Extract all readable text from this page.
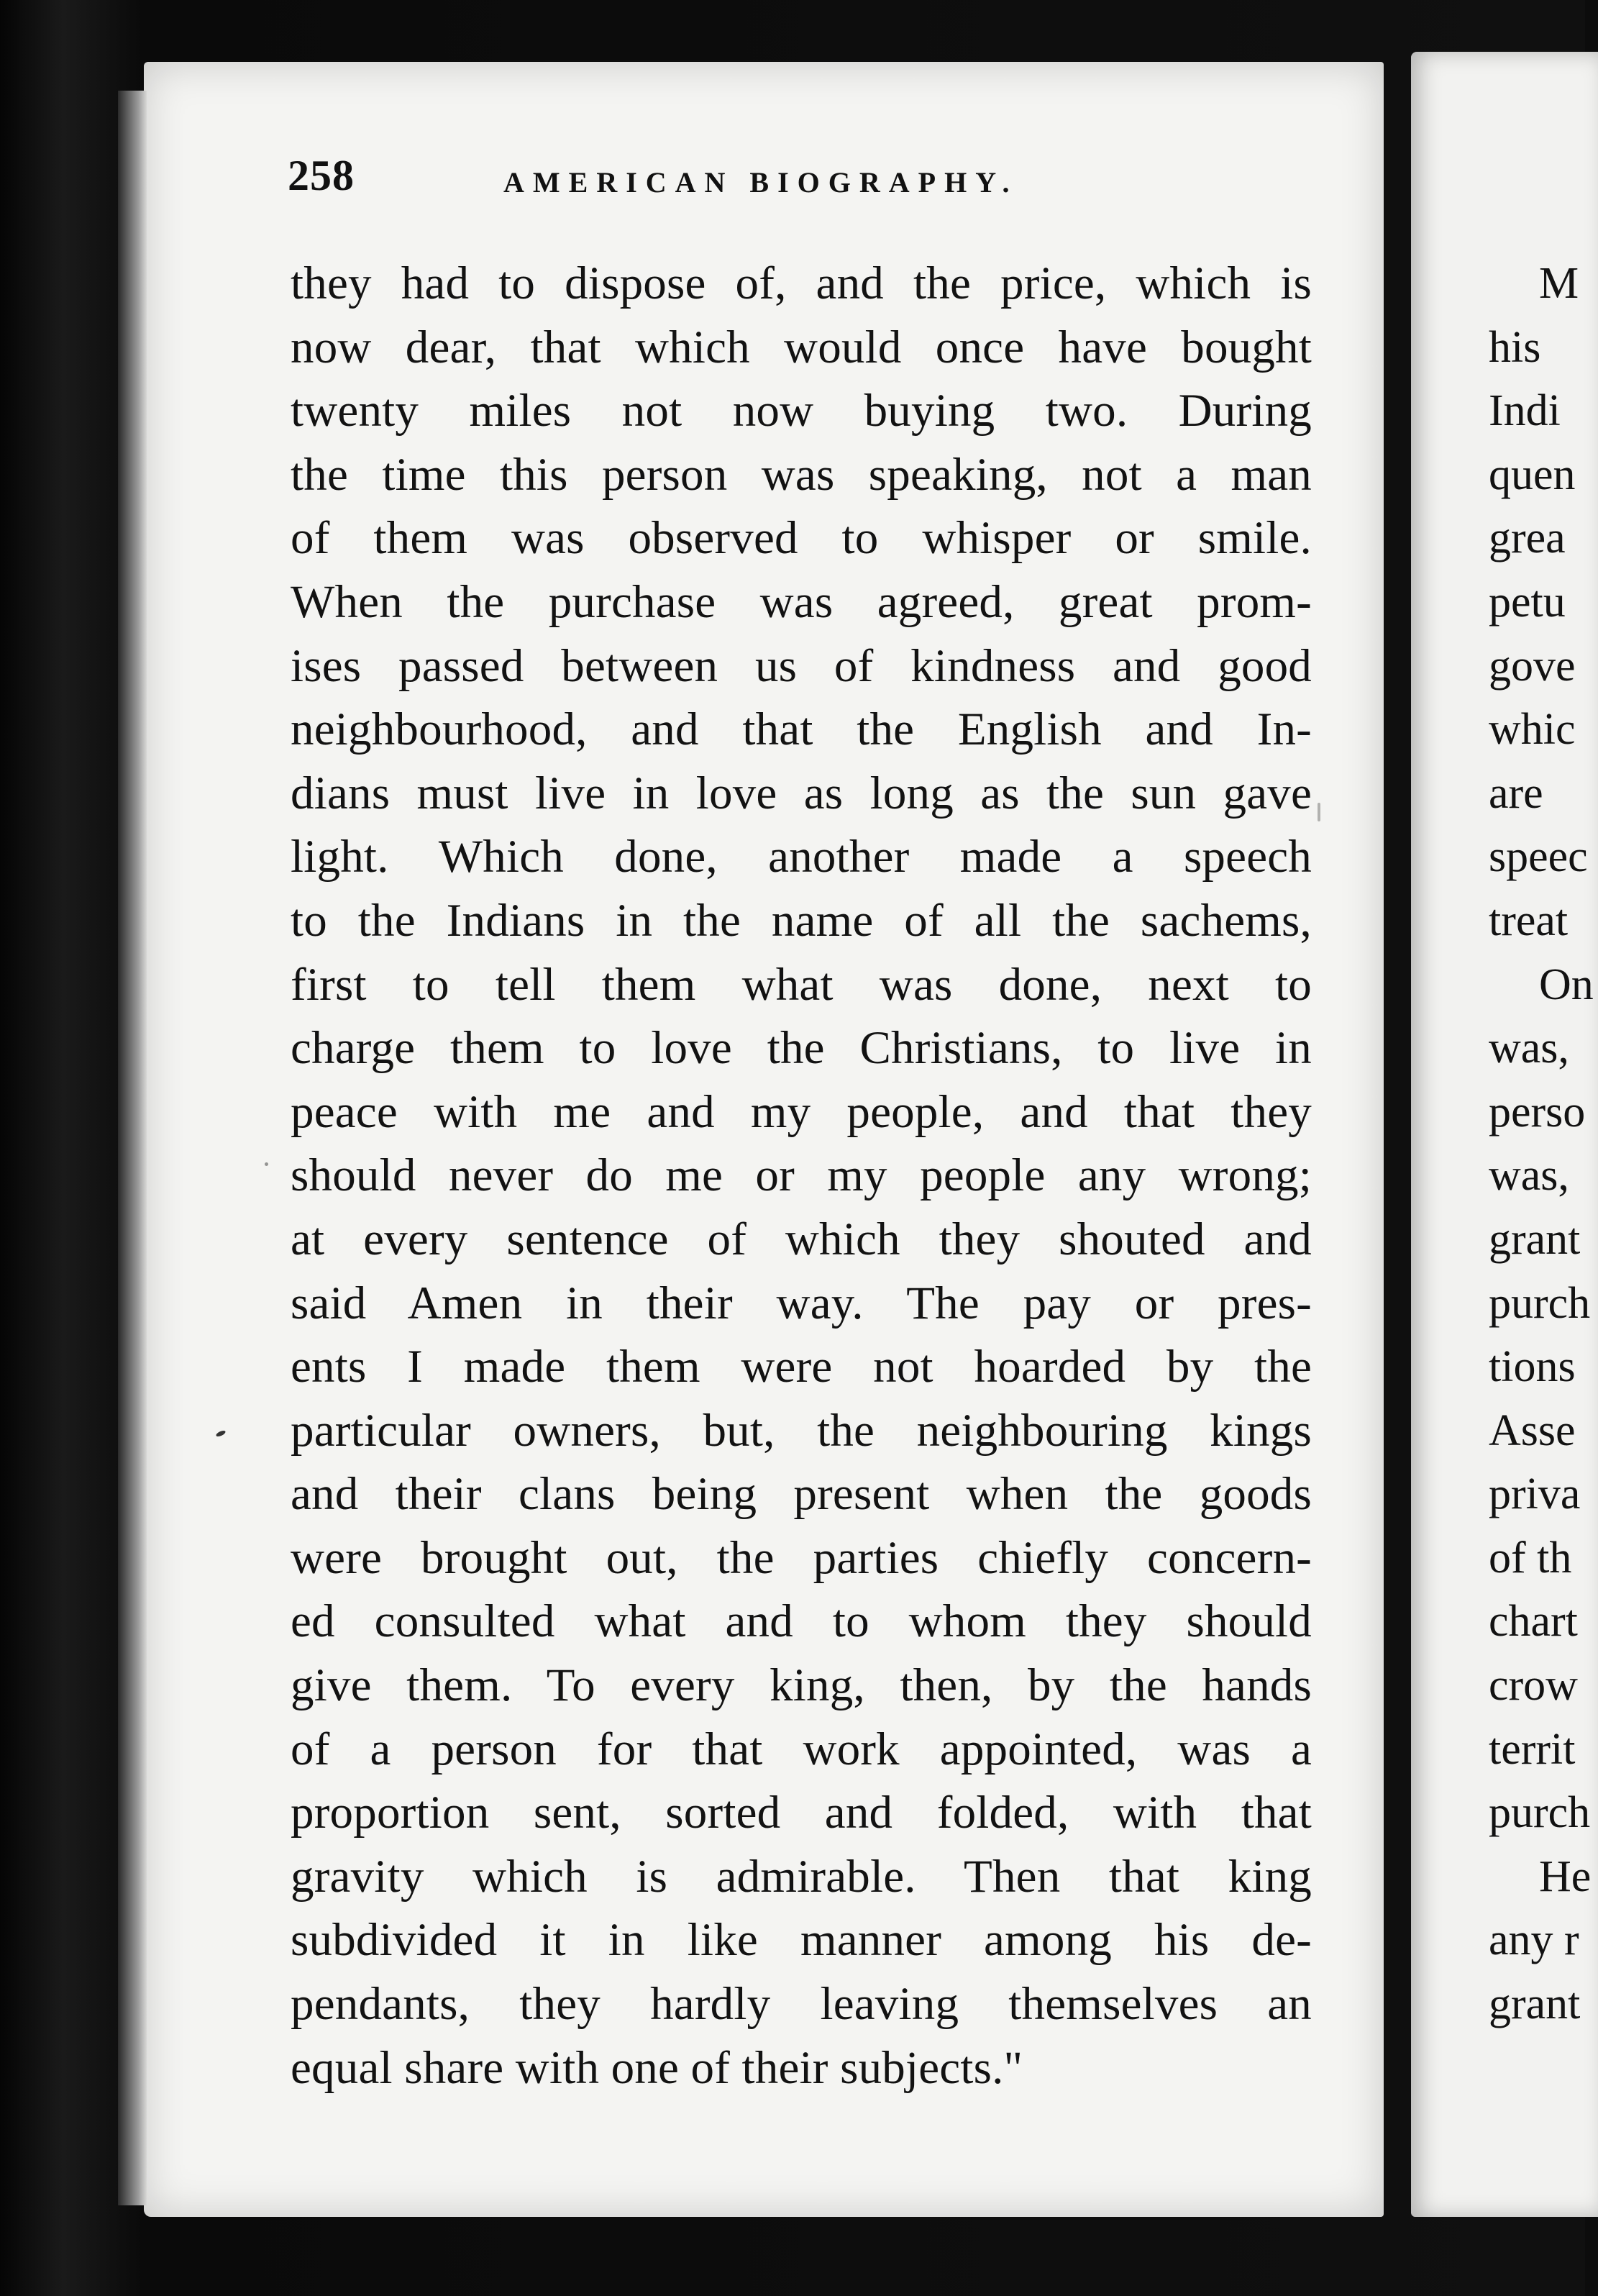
258	AMERICAN BIOGRAPHY.
they had to dispose of, and the price, which is
now dear, that which would once have bought
twenty miles not now buying two. During
the time this person was speaking, not a man
of them was observed to whisper or smile.
When the purchase was agreed, great prom-
ises passed between us of kindness and good
neighbourhood, and that the English and In-
dians must live in love as long as the sun gave
light. Which done, another made a speech
to the Indians in the name of all the sachems,
first to tell them what was done, next to
charge them to love the Christians, to live in
peace with me and my people, and that they
should never do me or my people any wrong;
at every sentence of which they shouted and
said Amen in their way. The pay or pres-
ents I made them were not hoarded by the
particular owners, but, the neighbouring kings
and their clans being present when the goods
were brought out, the parties chiefly concern-
ed consulted what and to whom they should
give them. To every king, then, by the hands
of a person for that work appointed, was a
proportion sent, sorted and folded, with that
gravity which is admirable. Then that king
subdivided it in like manner among his de-
pendants, they hardly leaving themselves an
equal share with one of their subjects."
M
his
Indi
quen
grea
petu
gove
whic
are
speec
treat
On
was,
perso
was,
grant
purch
tions
Asse
priva
of th
chart
crow
territ
purch
He
any r
grant
